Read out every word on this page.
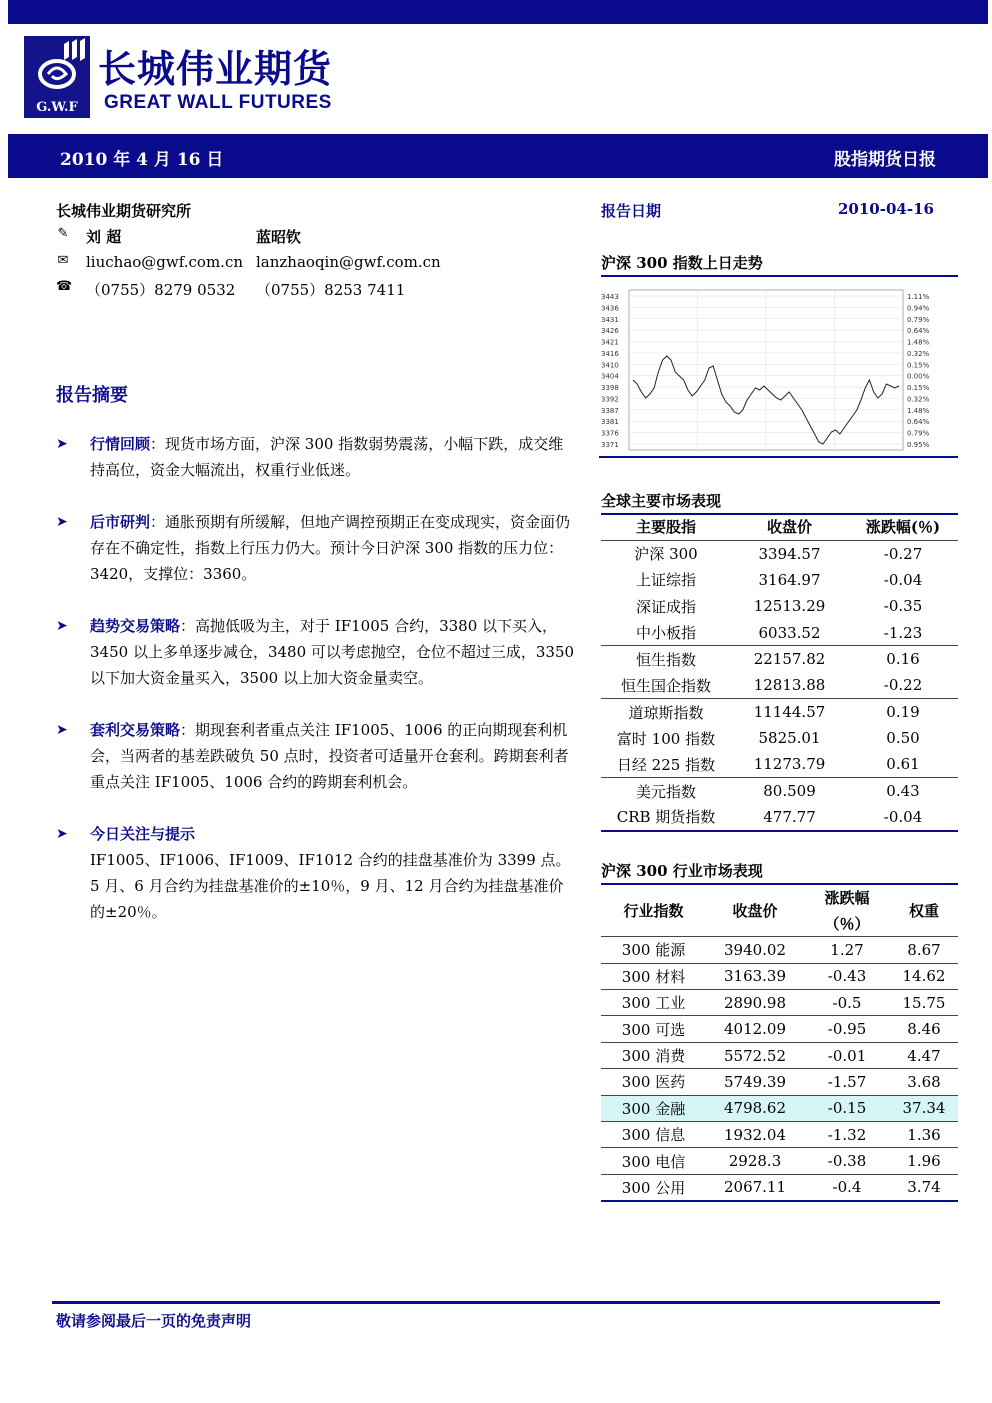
G.W.F
长城伟业期货
GREAT WALL FUTURES
2010 年 4 月 16 日	股指期货日报
长城伟业期货研究所
✎ 刘 超	蓝昭钦
✉ liuchao@gwf.com.cn lanzhaoqin@gwf.com.cn
☎ （0755）8279 0532 （0755）8253 7411
报告摘要
➤	行情回顾：现货市场方面，沪深 300 指数弱势震荡，小幅下跌，成交维持高位，资金大幅流出，权重行业低迷。
➤	后市研判：通胀预期有所缓解，但地产调控预期正在变成现实，资金面仍存在不确定性，指数上行压力仍大。预计今日沪深 300 指数的压力位：3420，支撑位：3360。
➤	趋势交易策略：高抛低吸为主，对于 IF1005 合约，3380 以下买入，3450 以上多单逐步减仓，3480 可以考虑抛空，仓位不超过三成，3350 以下加大资金量买入，3500 以上加大资金量卖空。
➤	套利交易策略：期现套利者重点关注 IF1005、1006 的正向期现套利机会，当两者的基差跌破负 50 点时，投资者可适量开仓套利。跨期套利者重点关注 IF1005、1006 合约的跨期套利机会。
➤	今日关注与提示
IF1005、IF1006、IF1009、IF1012 合约的挂盘基准价为 3399 点。5 月、6 月合约为挂盘基准价的±10％，9 月、12 月合约为挂盘基准价的±20％。
报告日期	2010-04-16
沪深 300 指数上日走势
3443	1.11%
3436	0.94%
3431	0.79%
3426	0.64%
3421	1.48%
3416	0.32%
3410	0.15%
3404	0.00%
3398	0.15%
3392	0.32%
3387	1.48%
3381	0.64%
3376	0.79%
3371	0.95%
全球主要市场表现
主要股指	收盘价	涨跌幅(％)
沪深 300	3394.57	-0.27
上证综指	3164.97	-0.04
深证成指	12513.29	-0.35
中小板指	6033.52	-1.23
恒生指数	22157.82	0.16
恒生国企指数	12813.88	-0.22
道琼斯指数	11144.57	0.19
富时 100 指数	5825.01	0.50
日经 225 指数	11273.79	0.61
美元指数	80.509	0.43
CRB 期货指数	477.77	-0.04
沪深 300 行业市场表现
行业指数	收盘价	涨跌幅	权重
		（％）	
300 能源	3940.02	1.27	8.67
300 材料	3163.39	-0.43	14.62
300 工业	2890.98	-0.5	15.75
300 可选	4012.09	-0.95	8.46
300 消费	5572.52	-0.01	4.47
300 医药	5749.39	-1.57	3.68
300 金融	4798.62	-0.15	37.34
300 信息	1932.04	-1.32	1.36
300 电信	2928.3	-0.38	1.96
300 公用	2067.11	-0.4	3.74
敬请参阅最后一页的免责声明
